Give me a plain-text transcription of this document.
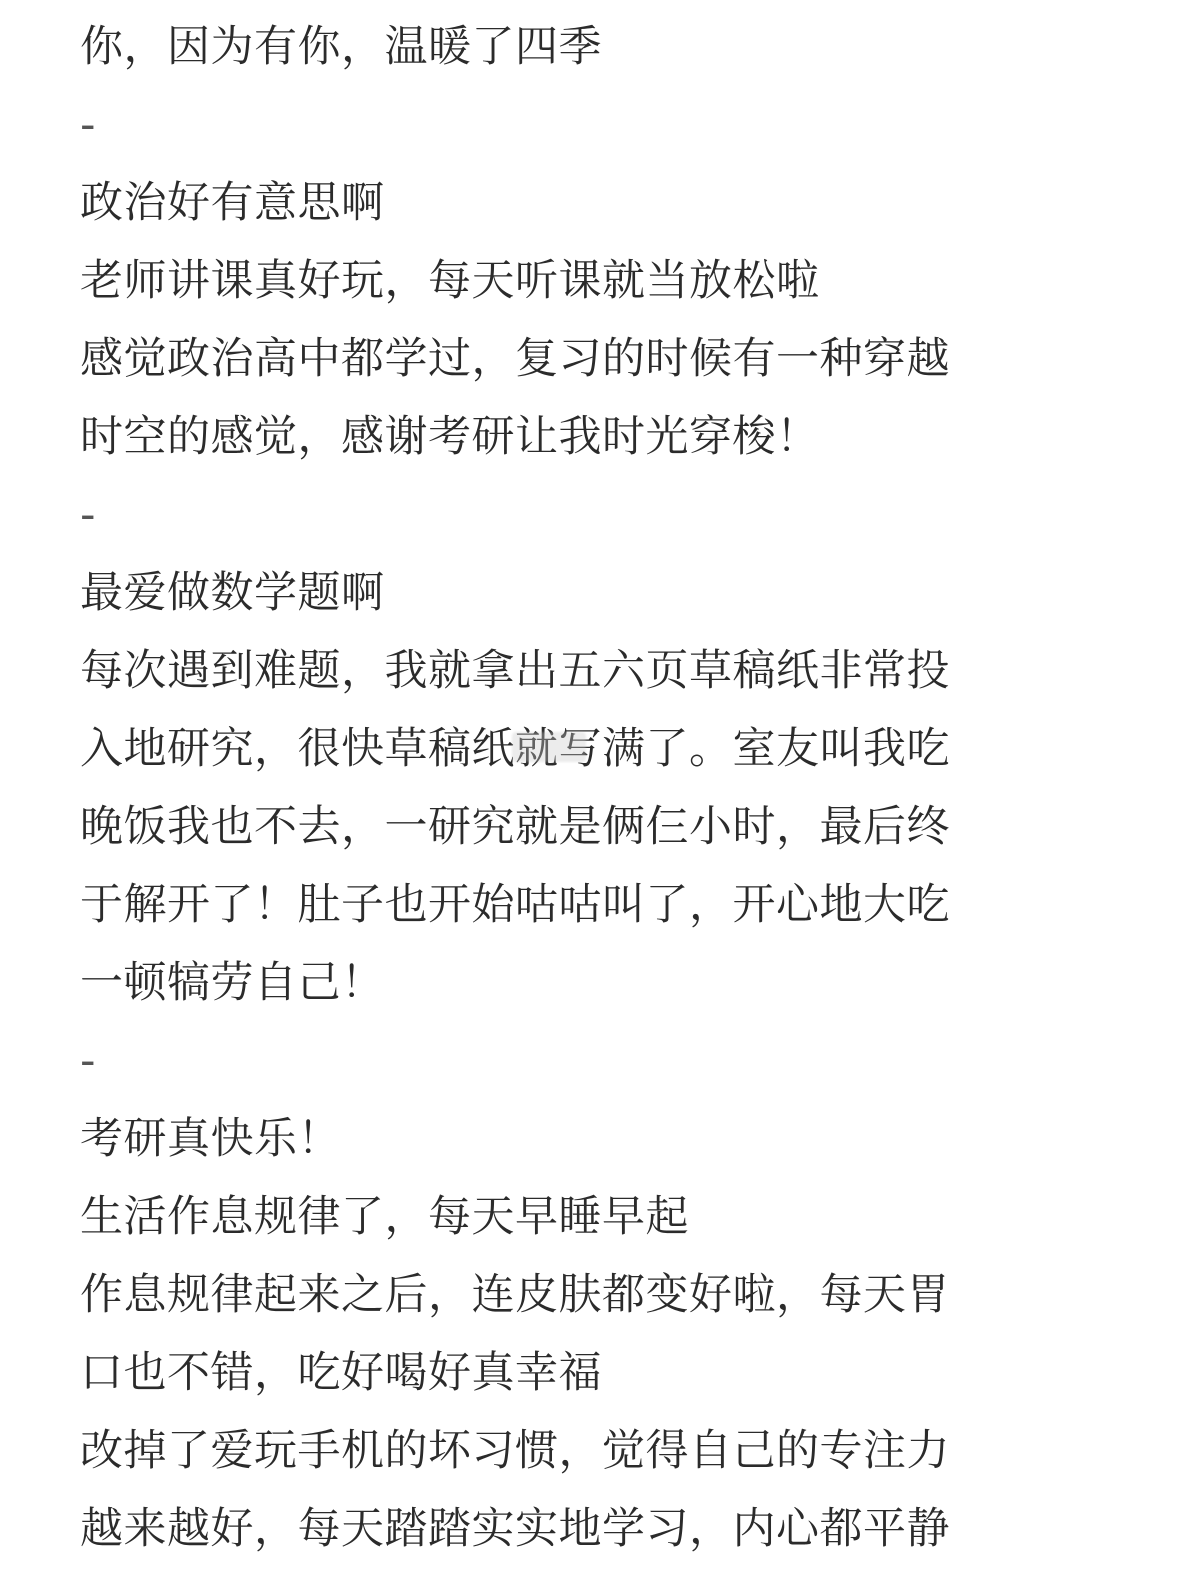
你，因为有你，温暖了四季
-
政治好有意思啊
老师讲课真好玩，每天听课就当放松啦
感觉政治高中都学过，复习的时候有一种穿越
时空的感觉，感谢考研让我时光穿梭！
-
最爱做数学题啊
每次遇到难题，我就拿出五六页草稿纸非常投
入地研究，很快草稿纸就写满了。室友叫我吃
晚饭我也不去，一研究就是俩仨小时，最后终
于解开了！肚子也开始咕咕叫了，开心地大吃
一顿犒劳自己！
-
考研真快乐！
生活作息规律了，每天早睡早起
作息规律起来之后，连皮肤都变好啦，每天胃
口也不错，吃好喝好真幸福
改掉了爱玩手机的坏习惯，觉得自己的专注力
越来越好，每天踏踏实实地学习，内心都平静
